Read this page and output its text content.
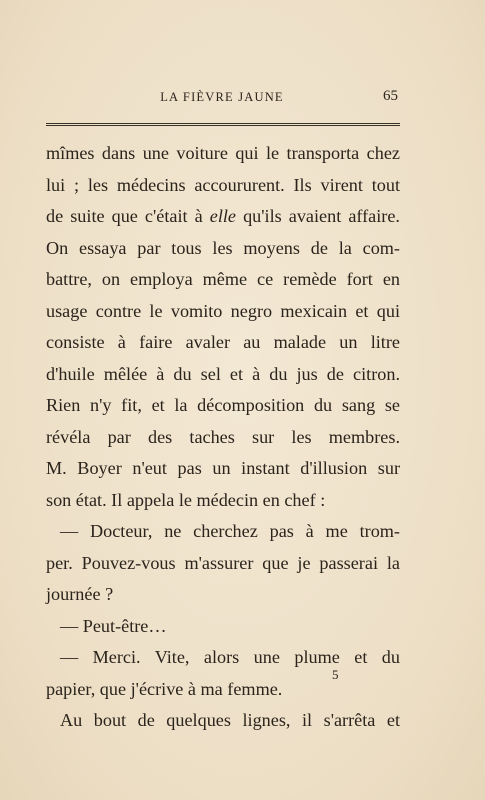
LA FIÈVRE JAUNE	65
mîmes dans une voiture qui le transporta chez
lui ; les médecins accoururent. Ils virent tout
de suite que c'était à elle qu'ils avaient affaire.
On essaya par tous les moyens de la com-
battre, on employa même ce remède fort en
usage contre le vomito negro mexicain et qui
consiste à faire avaler au malade un litre
d'huile mêlée à du sel et à du jus de citron.
Rien n'y fit, et la décomposition du sang se
révéla par des taches sur les membres.
M. Boyer n'eut pas un instant d'illusion sur
son état. Il appela le médecin en chef :
— Docteur, ne cherchez pas à me trom-
per. Pouvez-vous m'assurer que je passerai la
journée ?
— Peut-être…
— Merci. Vite, alors une plume et du
papier, que j'écrive à ma femme.
Au bout de quelques lignes, il s'arrêta et
5
